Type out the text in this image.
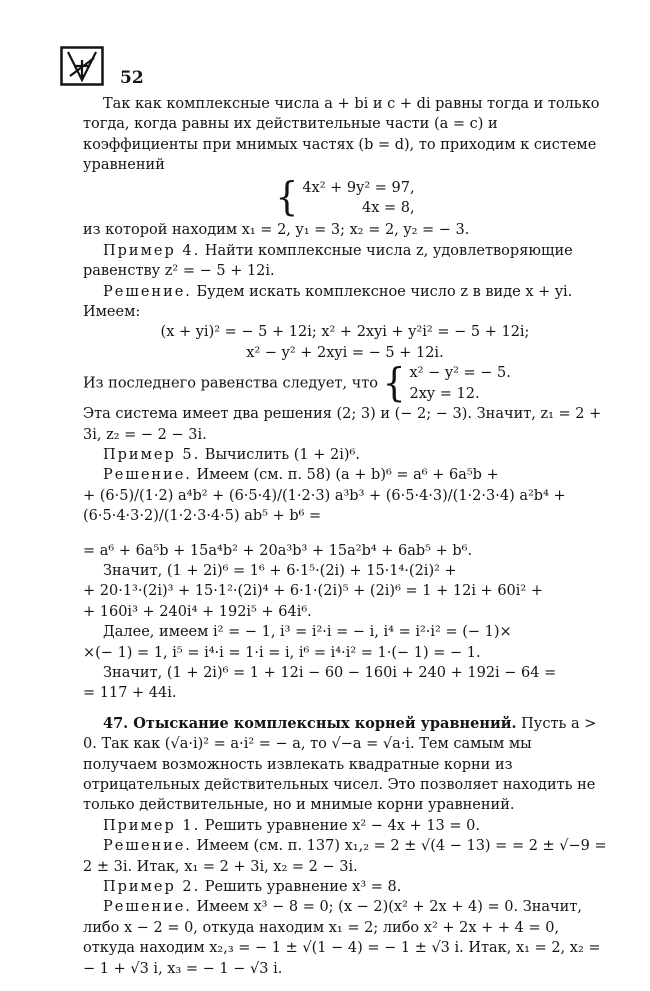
52

Так как комплексные числа a + bi и c + di равны тогда и только тогда, когда равны их действительные части (a = c) и коэффициенты при мнимых частях (b = d), то приходим к системе уравнений

{ 4x² + 9y² = 97,
4x = 8,

из которой находим x₁ = 2, y₁ = 3; x₂ = 2, y₂ = − 3.

Пример 4. Найти комплексные числа z, удовлетворяющие равенству z² = − 5 + 12i.

Решение. Будем искать комплексное число z в виде x + yi. Имеем:

(x + yi)² = − 5 + 12i; x² + 2xyi + y²i² = − 5 + 12i;

x² − y² + 2xyi = − 5 + 12i.

Из последнего равенства следует, что { x² − y² = − 5.
2xy = 12.

Эта система имеет два решения (2; 3) и (− 2; − 3). Значит, z₁ = 2 + 3i, z₂ = − 2 − 3i.

Пример 5. Вычислить (1 + 2i)⁶.

Решение. Имеем (см. п. 58) (a + b)⁶ = a⁶ + 6a⁵b +

+ (6·5)/(1·2) a⁴b² + (6·5·4)/(1·2·3) a³b³ + (6·5·4·3)/(1·2·3·4) a²b⁴ + (6·5·4·3·2)/(1·2·3·4·5) ab⁵ + b⁶ =

= a⁶ + 6a⁵b + 15a⁴b² + 20a³b³ + 15a²b⁴ + 6ab⁵ + b⁶.

Значит, (1 + 2i)⁶ = 1⁶ + 6·1⁵·(2i) + 15·1⁴·(2i)² +

+ 20·1³·(2i)³ + 15·1²·(2i)⁴ + 6·1·(2i)⁵ + (2i)⁶ = 1 + 12i + 60i² +

+ 160i³ + 240i⁴ + 192i⁵ + 64i⁶.

Далее, имеем i² = − 1, i³ = i²·i = − i, i⁴ = i²·i² = (− 1)×

×(− 1) = 1, i⁵ = i⁴·i = 1·i = i, i⁶ = i⁴·i² = 1·(− 1) = − 1.

Значит, (1 + 2i)⁶ = 1 + 12i − 60 − 160i + 240 + 192i − 64 =

= 117 + 44i.

47. Отыскание комплексных корней уравнений. Пусть a > 0. Так как (√a·i)² = a·i² = − a, то √−a = √a·i. Тем самым мы получаем возможность извлекать квадратные корни из отрицательных действительных чисел. Это позволяет находить не только действительные, но и мнимые корни уравнений.

Пример 1. Решить уравнение x² − 4x + 13 = 0.

Решение. Имеем (см. п. 137) x₁,₂ = 2 ± √(4 − 13) = = 2 ± √−9 = 2 ± 3i. Итак, x₁ = 2 + 3i, x₂ = 2 − 3i.

Пример 2. Решить уравнение x³ = 8.

Решение. Имеем x³ − 8 = 0; (x − 2)(x² + 2x + 4) = 0. Значит, либо x − 2 = 0, откуда находим x₁ = 2; либо x² + 2x + + 4 = 0, откуда находим x₂,₃ = − 1 ± √(1 − 4) = − 1 ± √3 i. Итак, x₁ = 2, x₂ = − 1 + √3 i, x₃ = − 1 − √3 i.
